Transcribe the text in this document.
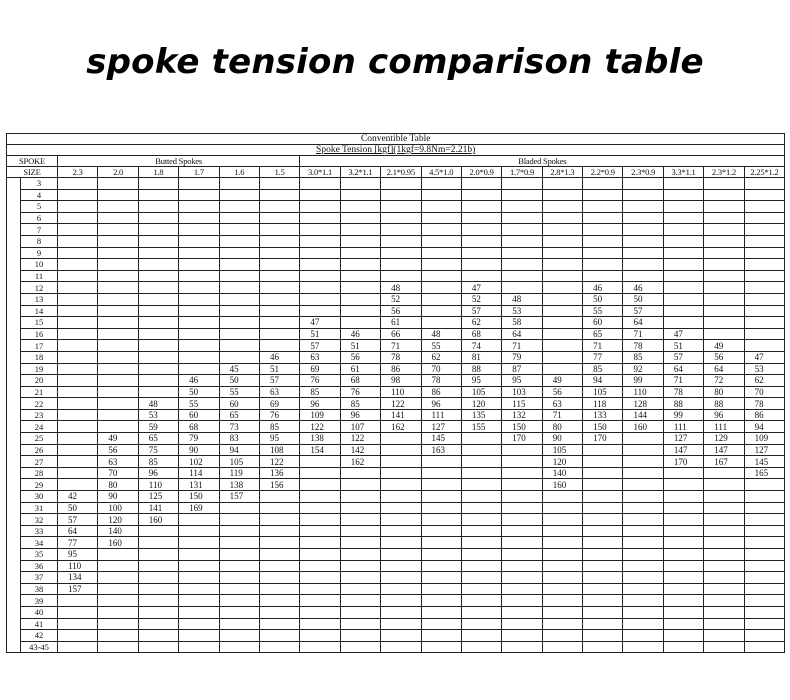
spoke tension comparison table
Conventible Table																			
Spoke Tension [kgf](1kgf=9.8Nm=2.21b)																			
SPOKE		Butted Spokes						Bladed Spokes											
SIZE		2.3	2.0	1.8	1.7	1.6	1.5	3.0*1.1	3.2*1.1	2.1*0.95	4.5*1.0	2.0*0.9	1.7*0.9	2.8*1.3	2.2*0.9	2.3*0.9	3.3*1.1	2.3*1.2	2.25*1.2
	3																		
	4																		
	5																		
	6																		
	7																		
	8																		
	9																		
	10																		
	11																		
	12									48		47			46	46			
	13									52		52	48		50	50			
	14									56		57	53		55	57			
	15							47		61		62	58		60	64			
	16							51	46	66	48	68	64		65	71	47		
	17							57	51	71	55	74	71		71	78	51	49	
	18						46	63	56	78	62	81	79		77	85	57	56	47
	19					45	51	69	61	86	70	88	87		85	92	64	64	53
	20				46	50	57	76	68	98	78	95	95	49	94	99	71	72	62
	21				50	55	63	85	76	110	86	105	103	56	105	110	78	80	70
	22			48	55	60	69	96	85	122	96	120	115	63	118	128	88	88	78
	23			53	60	65	76	109	96	141	111	135	132	71	133	144	99	96	86
	24			59	68	73	85	122	107	162	127	155	150	80	150	160	111	111	94
	25		49	65	79	83	95	138	122		145		170	90	170		127	129	109
	26		56	75	90	94	108	154	142		163			105			147	147	127
	27		63	85	102	105	122		162					120			170	167	145
	28		70	96	114	119	136							140					165
	29		80	110	131	138	156							160					
	30	42	90	125	150	157													
	31	50	100	141	169														
	32	57	120	160															
	33	64	140																
	34	77	160																
	35	95																	
	36	110																	
	37	134																	
	38	157																	
	39																		
	40																		
	41																		
	42																		
	43-45																		
